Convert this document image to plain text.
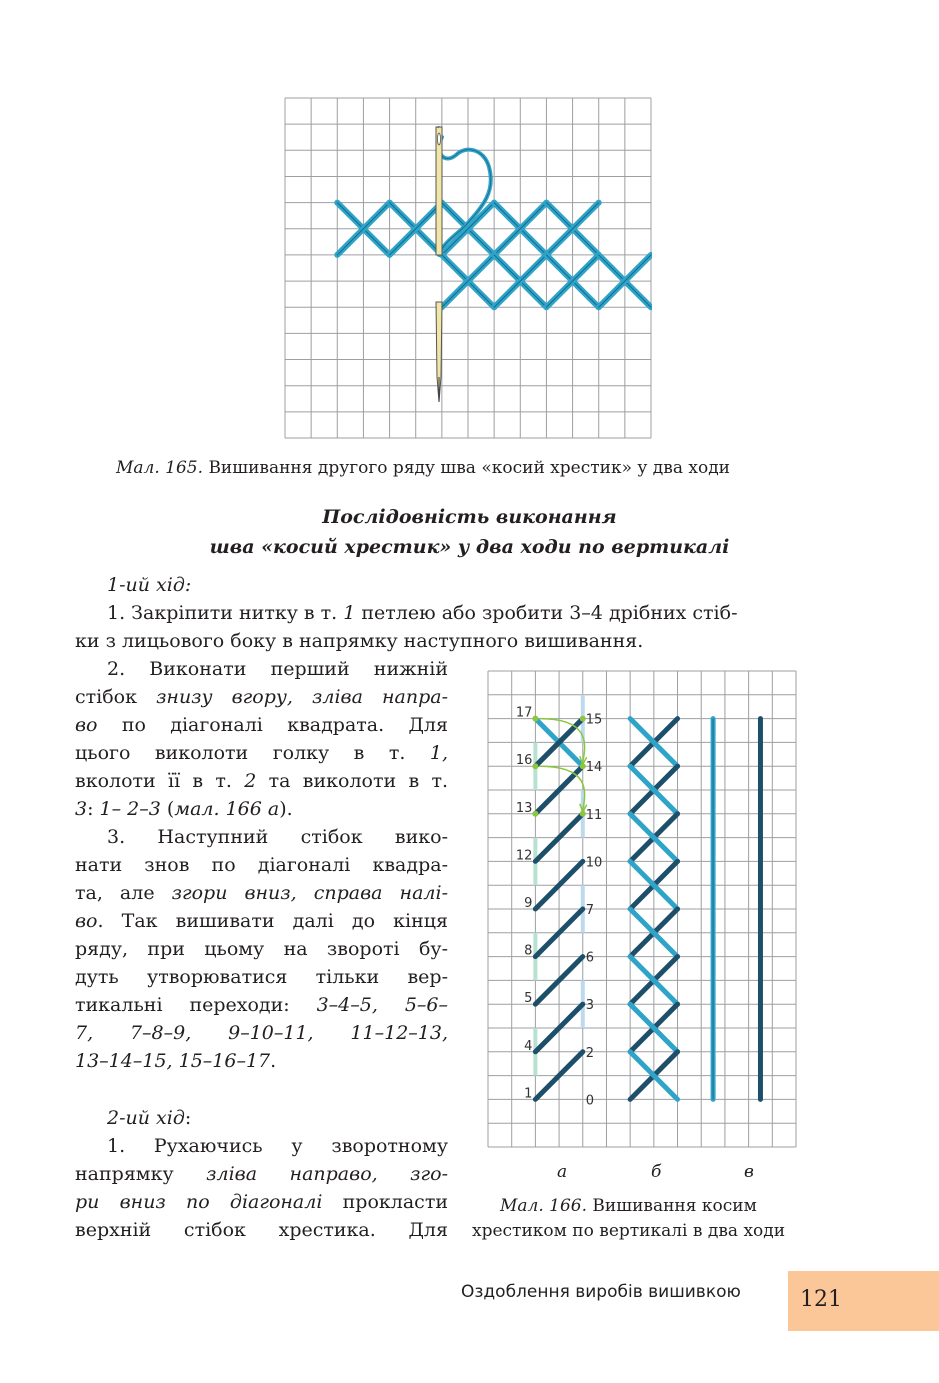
Мал. 165. Вишивання другого ряду шва «косий хрестик» у два ходи
Послідовність виконання
шва «косий хрестик» у два ходи по вертикалі
1-ий хід:
1. Закріпити нитку в т. 1 петлею або зробити 3–4 дрібних стіб-
ки з лицьового боку в напрямку наступного вишивання.
2. Виконати перший нижній
стібок знизу вгору, зліва напра-
во по діагоналі квадрата. Для
цього виколоти голку в т. 1,
вколоти її в т. 2 та виколоти в т.
3: 1– 2–3 (мал. 166 а).
3. Наступний стібок вико-
нати знов по діагоналі квадра-
та, але згори вниз, справа налі-
во. Так вишивати далі до кінця
ряду, при цьому на звороті бу-
дуть утворюватися тільки вер-
тикальні переходи: 3–4–5, 5–6–
7, 7–8–9, 9–10–11, 11–12–13,
13–14–15, 15–16–17.
2-ий хід:
1. Рухаючись у зворотному
напрямку зліва направо, зго-
ри вниз по діагоналі прокласти
верхній стібок хрестика. Для
17
16
13
12
9
8
5
4
1
15
14
11
10
7
6
3
2
0
а	б	в
Мал. 166. Вишивання косим
хрестиком по вертикалі в два ходи
Оздоблення виробів вишивкою	121
